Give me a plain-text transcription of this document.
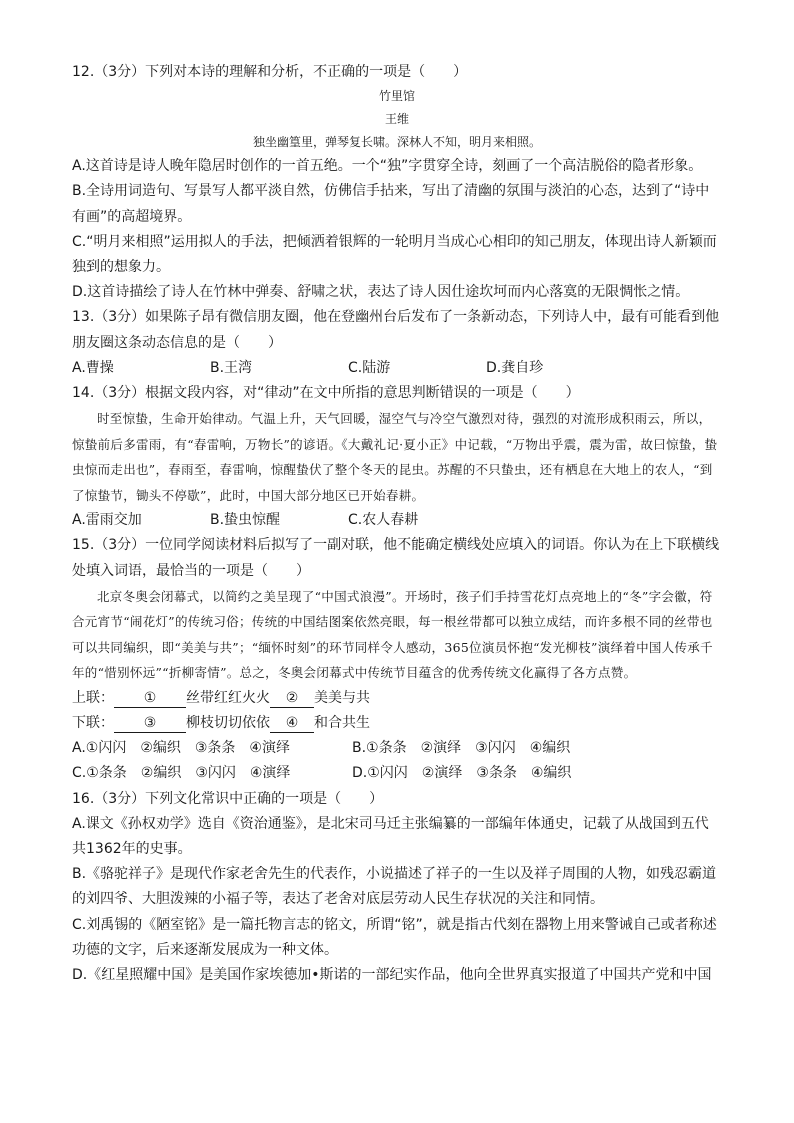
12.（3分）下列对本诗的理解和分析，不正确的一项是（　　）
竹里馆
王维
独坐幽篁里，弹琴复长啸。深林人不知，明月来相照。
A.这首诗是诗人晚年隐居时创作的一首五绝。一个“独”字贯穿全诗，刻画了一个高洁脱俗的隐者形象。
B.全诗用词造句、写景写人都平淡自然，仿佛信手拈来，写出了清幽的氛围与淡泊的心态，达到了“诗中有画”的高超境界。
C.“明月来相照”运用拟人的手法，把倾洒着银辉的一轮明月当成心心相印的知己朋友，体现出诗人新颖而独到的想象力。
D.这首诗描绘了诗人在竹林中弹奏、舒啸之状，表达了诗人因仕途坎坷而内心落寞的无限惆怅之情。
13.（3分）如果陈子昂有微信朋友圈，他在登幽州台后发布了一条新动态，下列诗人中，最有可能看到他朋友圈这条动态信息的是（　　）
A.曹操	B.王湾	C.陆游	D.龚自珍
14.（3分）根据文段内容，对“律动”在文中所指的意思判断错误的一项是（　　）
时至惊蛰，生命开始律动。气温上升，天气回暖，湿空气与冷空气激烈对待，强烈的对流形成积雨云，所以，惊蛰前后多雷雨，有“春雷响，万物长”的谚语。《大戴礼记·夏小正》中记载，“万物出乎震，震为雷，故曰惊蛰，蛰虫惊而走出也”，春雨至，春雷响，惊醒蛰伏了整个冬天的昆虫。苏醒的不只蛰虫，还有栖息在大地上的农人，“到了惊蛰节，锄头不停歇”，此时，中国大部分地区已开始春耕。
A.雷雨交加	B.蛰虫惊醒	C.农人春耕
15.（3分）一位同学阅读材料后拟写了一副对联，他不能确定横线处应填入的词语。你认为在上下联横线处填入词语，最恰当的一项是（　　）
北京冬奥会闭幕式，以简约之美呈现了“中国式浪漫”。开场时，孩子们手持雪花灯点亮地上的“冬”字会徽，符合元宵节“闹花灯”的传统习俗；传统的中国结图案依然亮眼，每一根丝带都可以独立成结，而许多根不同的丝带也可以共同编织，即“美美与共”；“缅怀时刻”的环节同样令人感动，365位演员怀抱“发光柳枝”演绎着中国人传承千年的“惜别怀远”“折柳寄情”。总之，冬奥会闭幕式中传统节目蕴含的优秀传统文化赢得了各方点赞。
上联： ① 丝带红红火火 ② 美美与共
下联： ③ 柳枝切切依依 ④ 和合共生
A.①闪闪　②编织　③条条　④演绎	B.①条条　②演绎　③闪闪　④编织
C.①条条　②编织　③闪闪　④演绎	D.①闪闪　②演绎　③条条　④编织
16.（3分）下列文化常识中正确的一项是（　　）
A.课文《孙权劝学》选自《资治通鉴》，是北宋司马迁主张编纂的一部编年体通史，记载了从战国到五代共1362年的史事。
B.《骆驼祥子》是现代作家老舍先生的代表作，小说描述了祥子的一生以及祥子周围的人物，如残忍霸道的刘四爷、大胆泼辣的小福子等，表达了老舍对底层劳动人民生存状况的关注和同情。
C.刘禹锡的《陋室铭》是一篇托物言志的铭文，所谓“铭”，就是指古代刻在器物上用来警诫自己或者称述功德的文字，后来逐渐发展成为一种文体。
D.《红星照耀中国》是美国作家埃德加•斯诺的一部纪实作品，他向全世界真实报道了中国共产党和中国
